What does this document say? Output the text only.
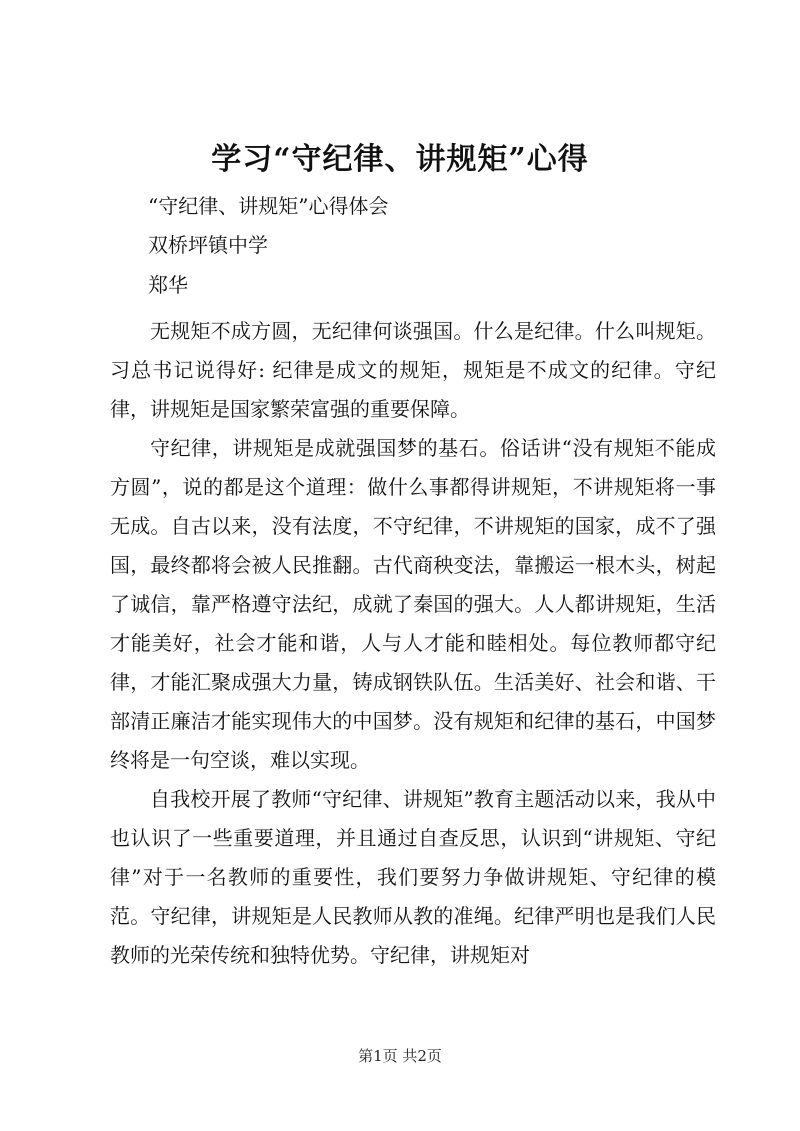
学习“守纪律、讲规矩”心得
“守纪律、讲规矩”心得体会
双桥坪镇中学
郑华

无规矩不成方圆，无纪律何谈强国。什么是纪律。什么叫规矩。习总书记说得好: 纪律是成文的规矩，规矩是不成文的纪律。守纪律，讲规矩是国家繁荣富强的重要保障。

守纪律，讲规矩是成就强国梦的基石。俗话讲“没有规矩不能成方圆”，说的都是这个道理：做什么事都得讲规矩，不讲规矩将一事无成。自古以来，没有法度，不守纪律，不讲规矩的国家，成不了强国，最终都将会被人民推翻。古代商秧变法，靠搬运一根木头，树起了诚信，靠严格遵守法纪，成就了秦国的强大。人人都讲规矩，生活才能美好，社会才能和谐，人与人才能和睦相处。每位教师都守纪律，才能汇聚成强大力量，铸成钢铁队伍。生活美好、社会和谐、干部清正廉洁才能实现伟大的中国梦。没有规矩和纪律的基石，中国梦终将是一句空谈，难以实现。

自我校开展了教师“守纪律、讲规矩”教育主题活动以来，我从中也认识了一些重要道理，并且通过自查反思，认识到“讲规矩、守纪律”对于一名教师的重要性，我们要努力争做讲规矩、守纪律的模范。守纪律，讲规矩是人民教师从教的准绳。纪律严明也是我们人民教师的光荣传统和独特优势。守纪律，讲规矩对

第1页 共2页
